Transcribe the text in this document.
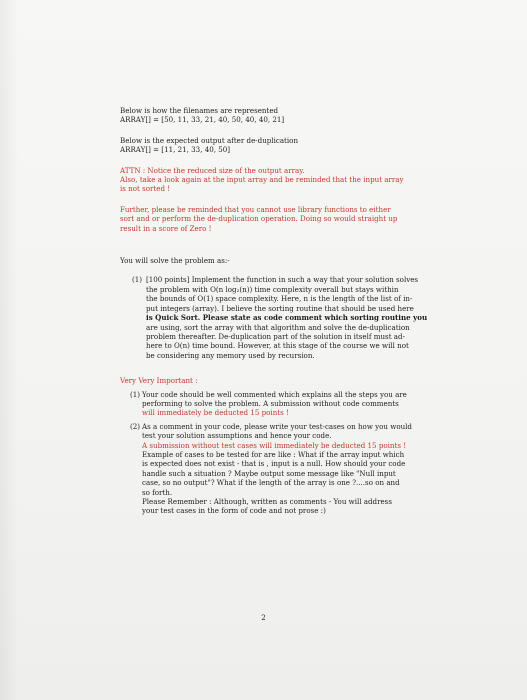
Below is how the filenames are represented
ARRAY[] = [50, 11, 33, 21, 40, 50, 40, 40, 21]
Below is the expected output after de-duplication
ARRAY[] = [11, 21, 33, 40, 50]
ATTN : Notice the reduced size of the output array.
Also, take a look again at the input array and be reminded that the input array
is not sorted !
Further, please be reminded that you cannot use library functions to either
sort and or perform the de-duplication operation. Doing so would straight up
result in a score of Zero !
You will solve the problem as:-
(1) [100 points] Implement the function in such a way that your solution solves
the problem with O(n log₂(n)) time complexity overall but stays within
the bounds of O(1) space complexity. Here, n is the length of the list of in-
put integers (array). I believe the sorting routine that should be used here
is Quick Sort. Please state as code comment which sorting routine you
are using, sort the array with that algorithm and solve the de-duplication
problem thereafter. De-duplication part of the solution in itself must ad-
here to O(n) time bound. However, at this stage of the course we will not
be considering any memory used by recursion.
Very Very Important :
(1) Your code should be well commented which explains all the steps you are
performing to solve the problem. A submission without code comments
will immediately be deducted 15 points !
(2) As a comment in your code, please write your test-cases on how you would
test your solution assumptions and hence your code.
A submission without test cases will immediately be deducted 15 points !
Example of cases to be tested for are like : What if the array input which
is expected does not exist - that is , input is a null. How should your code
handle such a situation ? Maybe output some message like "Null input
case, so no output"? What if the length of the array is one ?....so on and
so forth.
Please Remember : Although, written as comments - You will address
your test cases in the form of code and not prose :)
2
